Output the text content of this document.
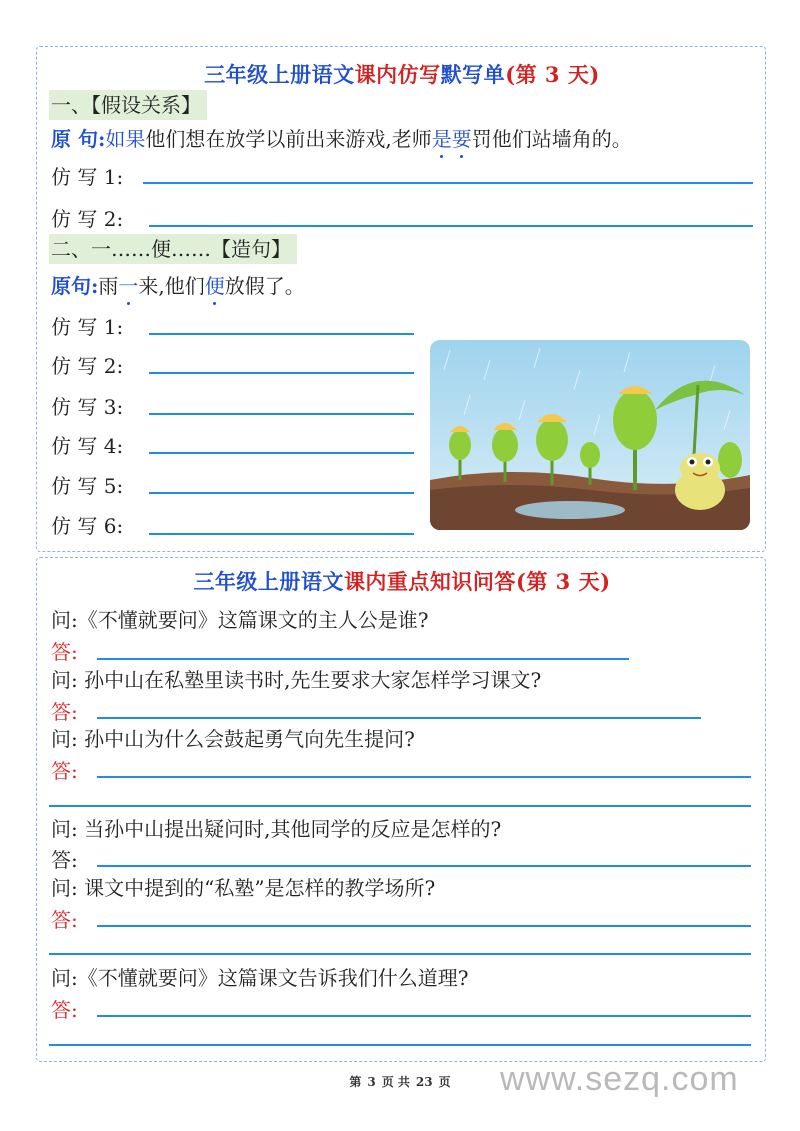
三年级上册语文课内仿写默写单(第 3 天)
一、【假设关系】
原 句:如果他们想在放学以前出来游戏,老师是要罚他们站墙角的。
仿 写 1:
仿 写 2:
二、一……便……【造句】
原句:雨一来,他们便放假了。
仿 写 1:
仿 写 2:
仿 写 3:
仿 写 4:
仿 写 5:
仿 写 6:
三年级上册语文课内重点知识问答(第 3 天)
问:《不懂就要问》这篇课文的主人公是谁?
答:
问: 孙中山在私塾里读书时,先生要求大家怎样学习课文?
答:
问: 孙中山为什么会鼓起勇气向先生提问?
答:
问: 当孙中山提出疑问时,其他同学的反应是怎样的?
答:
问: 课文中提到的“私塾”是怎样的教学场所?
答:
问:《不懂就要问》这篇课文告诉我们什么道理?
答:
第 3 页 共 23 页	www.sezq.com
